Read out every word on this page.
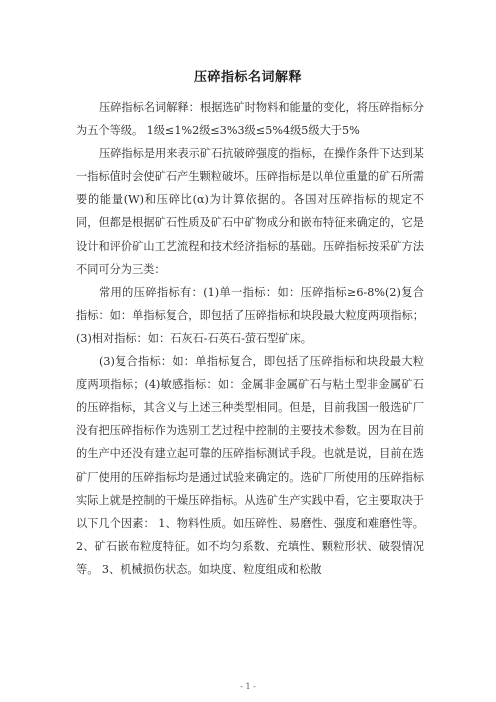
压碎指标名词解释

压碎指标名词解释：根据选矿时物料和能量的变化，将压碎指标分为五个等级。 1级≤1%2级≤3%3级≤5%4级5级大于5%

压碎指标是用来表示矿石抗破碎强度的指标，在操作条件下达到某一指标值时会使矿石产生颗粒破坏。压碎指标是以单位重量的矿石所需要的能量(W)和压碎比(α)为计算依据的。各国对压碎指标的规定不同，但都是根据矿石性质及矿石中矿物成分和嵌布特征来确定的，它是设计和评价矿山工艺流程和技术经济指标的基础。压碎指标按采矿方法不同可分为三类：

常用的压碎指标有：(1)单一指标：如：压碎指标≥6-8%(2)复合指标：如：单指标复合，即包括了压碎指标和块段最大粒度两项指标；(3)相对指标：如：石灰石-石英石-萤石型矿床。

(3)复合指标：如：单指标复合，即包括了压碎指标和块段最大粒度两项指标；(4)敏感指标：如：金属非金属矿石与粘土型非金属矿石的压碎指标，其含义与上述三种类型相同。但是，目前我国一般选矿厂没有把压碎指标作为选别工艺过程中控制的主要技术参数。因为在目前的生产中还没有建立起可靠的压碎指标测试手段。也就是说，目前在选矿厂使用的压碎指标均是通过试验来确定的。选矿厂所使用的压碎指标实际上就是控制的干燥压碎指标。从选矿生产实践中看，它主要取决于以下几个因素： 1、物料性质。如压碎性、易磨性、强度和难磨性等。 2、矿石嵌布粒度特征。如不均匀系数、充填性、颗粒形状、破裂情况等。 3、机械损伤状态。如块度、粒度组成和松散

- 1 -
